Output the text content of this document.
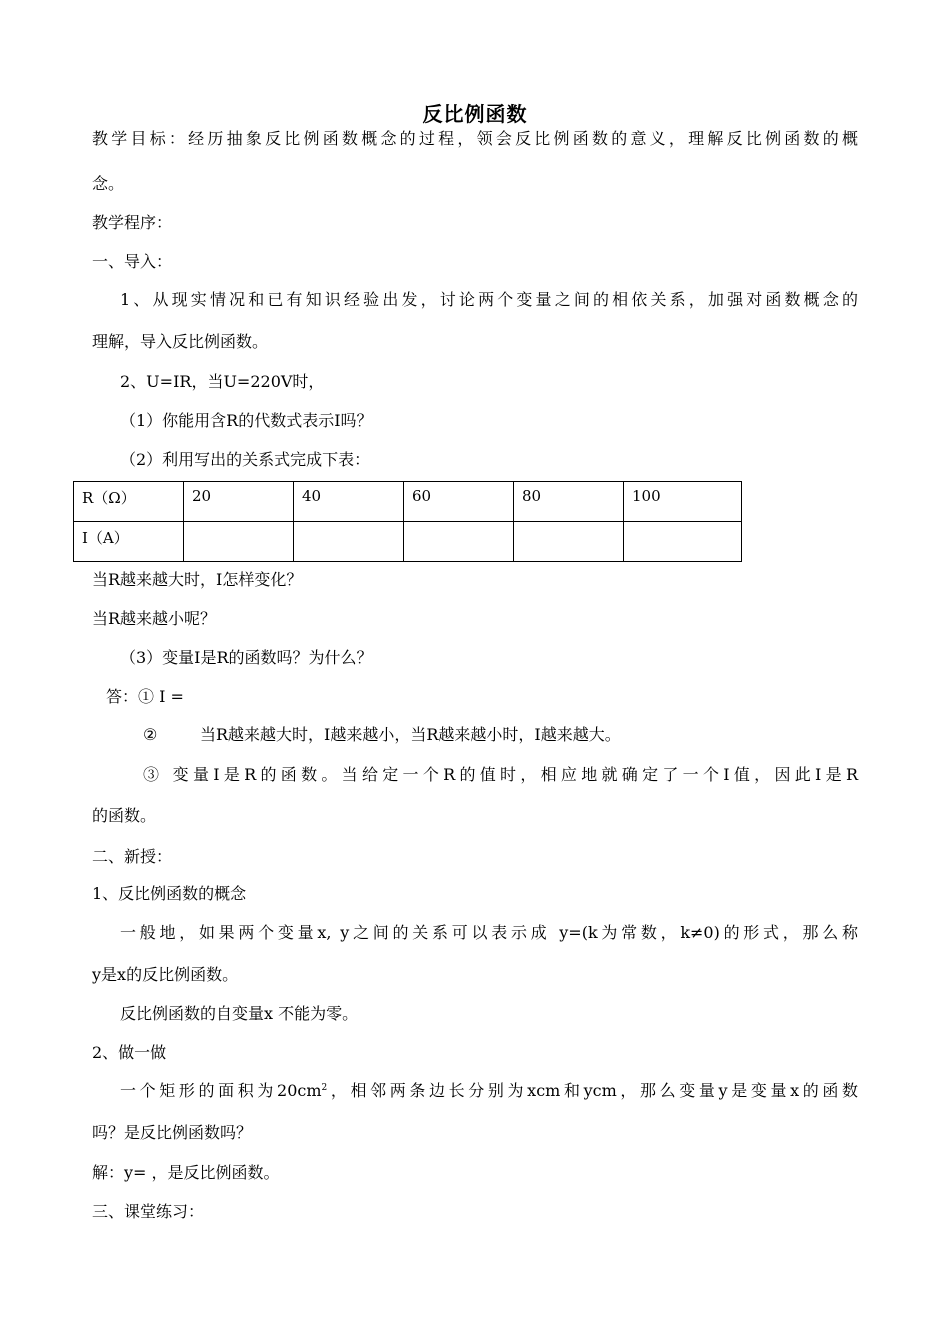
反比例函数
教学目标：经历抽象反比例函数概念的过程，领会反比例函数的意义，理解反比例函数的概
念。
教学程序：
一、导入：
1、从现实情况和已有知识经验出发，讨论两个变量之间的相依关系，加强对函数概念的
理解，导入反比例函数。
2、U=IR，当U=220V时，
（1）你能用含R的代数式表示I吗？
（2）利用写出的关系式完成下表：
R（Ω）	20	40	60	80	100
I（A）					
当R越来越大时，I怎样变化？
当R越来越小呢？
（3）变量I是R的函数吗？为什么？
答：① I =
②	当R越来越大时，I越来越小，当R越来越小时，I越来越大。
③ 变量I是R的函数。当给定一个R的值时，相应地就确定了一个I值，因此I是R
的函数。
二、新授：
1、反比例函数的概念
一般地，如果两个变量x, y之间的关系可以表示成 y=(k为常数，k≠0)的形式，那么称
y是x的反比例函数。
反比例函数的自变量x 不能为零。
2、做一做
一个矩形的面积为$20cm^2$，相邻两条边长分别为xcm和ycm，那么变量y是变量x的函数
吗？是反比例函数吗？
解：y= ，是反比例函数。
三、课堂练习：
